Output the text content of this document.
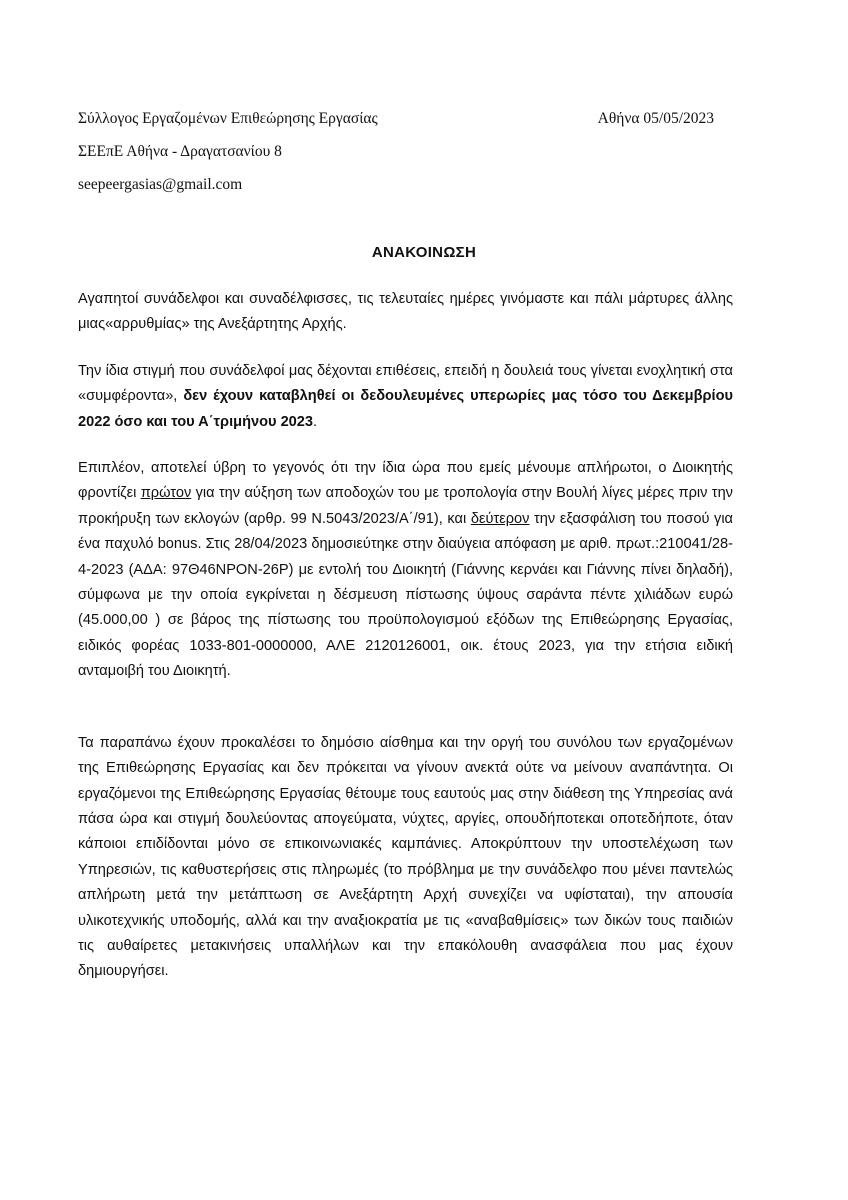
Σύλλογος Εργαζομένων Επιθεώρησης Εργασίας	Αθήνα 05/05/2023
ΣΕΕπΕ Αθήνα - Δραγατσανίου 8
seepeergasias@gmail.com
ΑΝΑΚΟΙΝΩΣΗ

Αγαπητοί συνάδελφοι και συναδέλφισσες, τις τελευταίες ημέρες γινόμαστε και πάλι μάρτυρες άλλης μιας«αρρυθμίας» της Ανεξάρτητης Αρχής.

Την ίδια στιγμή που συνάδελφοί μας δέχονται επιθέσεις, επειδή η δουλειά τους γίνεται ενοχλητική στα «συμφέροντα», δεν έχουν καταβληθεί οι δεδουλευμένες υπερωρίες μας τόσο του Δεκεμβρίου 2022 όσο και του Α΄τριμήνου 2023.

Επιπλέον, αποτελεί ύβρη το γεγονός ότι την ίδια ώρα που εμείς μένουμε απλήρωτοι, ο Διοικητής φροντίζει πρώτον για την αύξηση των αποδοχών του με τροπολογία στην Βουλή λίγες μέρες πριν την προκήρυξη των εκλογών (αρθρ. 99 Ν.5043/2023/Α΄/91), και δεύτερον την εξασφάλιση του ποσού για ένα παχυλό bonus. Στις 28/04/2023 δημοσιεύτηκε στην διαύγεια απόφαση με αριθ. πρωτ.:210041/28-4-2023 (ΑΔΑ: 97Θ46ΝΡΟΝ-26Ρ) με εντολή του Διοικητή (Γιάννης κερνάει και Γιάννης πίνει δηλαδή), σύμφωνα με την οποία εγκρίνεται η δέσμευση πίστωσης ύψους σαράντα πέντε χιλιάδων ευρώ (45.000,00 ) σε βάρος της πίστωσης του προϋπολογισμού εξόδων της Επιθεώρησης Εργασίας, ειδικός φορέας 1033-801-0000000, ΑΛΕ 2120126001, οικ. έτους 2023, για την ετήσια ειδική ανταμοιβή του Διοικητή.

Τα παραπάνω έχουν προκαλέσει το δημόσιο αίσθημα και την οργή του συνόλου των εργαζομένων της Επιθεώρησης Εργασίας και δεν πρόκειται να γίνουν ανεκτά ούτε να μείνουν αναπάντητα. Οι εργαζόμενοι της Επιθεώρησης Εργασίας θέτουμε τους εαυτούς μας στην διάθεση της Υπηρεσίας ανά πάσα ώρα και στιγμή δουλεύοντας απογεύματα, νύχτες, αργίες, οπουδήποτεκαι οποτεδήποτε, όταν κάποιοι επιδίδονται μόνο σε επικοινωνιακές καμπάνιες. Αποκρύπτουν την υποστελέχωση των Υπηρεσιών, τις καθυστερήσεις στις πληρωμές (το πρόβλημα με την συνάδελφο που μένει παντελώς απλήρωτη μετά την μετάπτωση σε Ανεξάρτητη Αρχή συνεχίζει να υφίσταται), την απουσία υλικοτεχνικής υποδομής, αλλά και την αναξιοκρατία με τις «αναβαθμίσεις» των δικών τους παιδιών τις αυθαίρετες μετακινήσεις υπαλλήλων και την επακόλουθη ανασφάλεια που μας έχουν δημιουργήσει.
